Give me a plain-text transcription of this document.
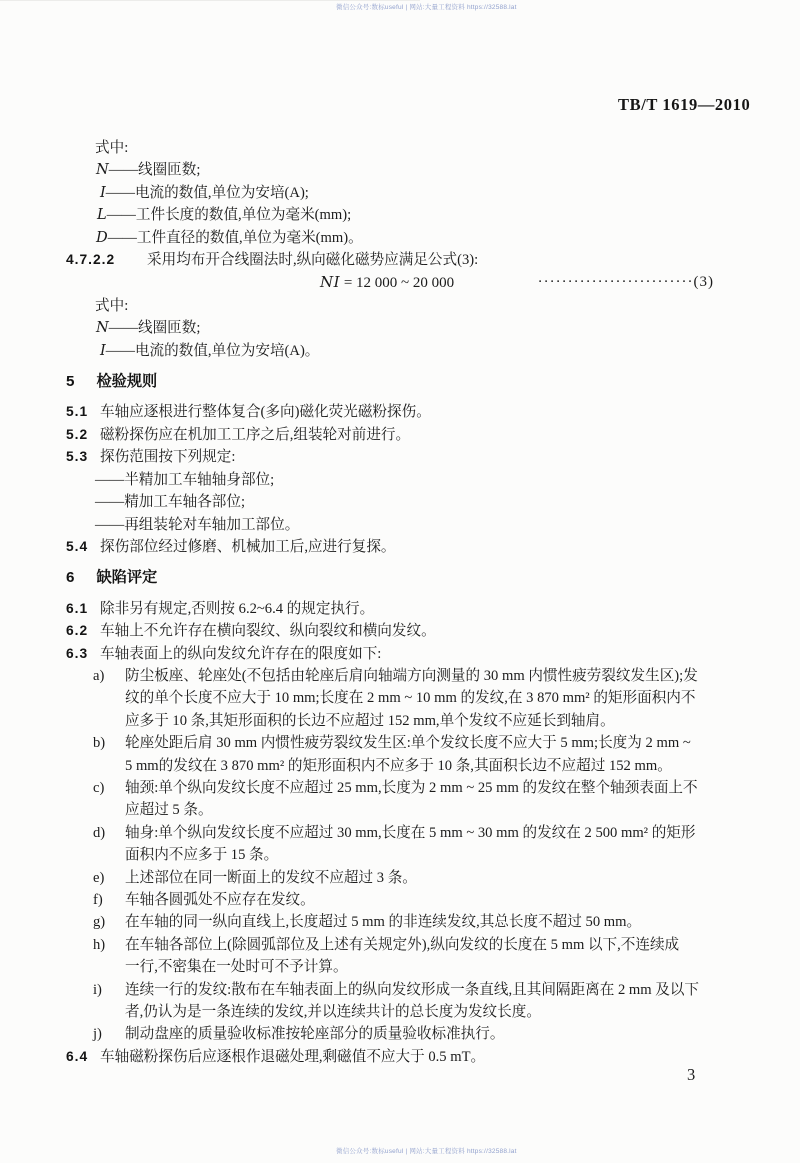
微信公众号:数标useful | 网站:大量工程资料 https://32588.lat
TB/T 1619—2010
式中:
N——线圈匝数;
I——电流的数值,单位为安培(A);
L——工件长度的数值,单位为毫米(mm);
D——工件直径的数值,单位为毫米(mm)。
4.7.2.2 采用均布开合线圈法时,纵向磁化磁势应满足公式(3):
NI = 12 000 ~ 20 000	··························(3)
式中:
N——线圈匝数;
I——电流的数值,单位为安培(A)。
5 检验规则
5.1 车轴应逐根进行整体复合(多向)磁化荧光磁粉探伤。
5.2 磁粉探伤应在机加工工序之后,组装轮对前进行。
5.3 探伤范围按下列规定:
——半精加工车轴轴身部位;
——精加工车轴各部位;
——再组装轮对车轴加工部位。
5.4 探伤部位经过修磨、机械加工后,应进行复探。
6 缺陷评定
6.1 除非另有规定,否则按 6.2~6.4 的规定执行。
6.2 车轴上不允许存在横向裂纹、纵向裂纹和横向发纹。
6.3 车轴表面上的纵向发纹允许存在的限度如下:
a) 防尘板座、轮座处(不包括由轮座后肩向轴端方向测量的 30 mm 内惯性疲劳裂纹发生区);发
纹的单个长度不应大于 10 mm;长度在 2 mm ~ 10 mm 的发纹,在 3 870 mm² 的矩形面积内不
应多于 10 条,其矩形面积的长边不应超过 152 mm,单个发纹不应延长到轴肩。
b) 轮座处距后肩 30 mm 内惯性疲劳裂纹发生区:单个发纹长度不应大于 5 mm;长度为 2 mm ~
5 mm的发纹在 3 870 mm² 的矩形面积内不应多于 10 条,其面积长边不应超过 152 mm。
c) 轴颈:单个纵向发纹长度不应超过 25 mm,长度为 2 mm ~ 25 mm 的发纹在整个轴颈表面上不
应超过 5 条。
d) 轴身:单个纵向发纹长度不应超过 30 mm,长度在 5 mm ~ 30 mm 的发纹在 2 500 mm² 的矩形
面积内不应多于 15 条。
e) 上述部位在同一断面上的发纹不应超过 3 条。
f) 车轴各圆弧处不应存在发纹。
g) 在车轴的同一纵向直线上,长度超过 5 mm 的非连续发纹,其总长度不超过 50 mm。
h) 在车轴各部位上(除圆弧部位及上述有关规定外),纵向发纹的长度在 5 mm 以下,不连续成
一行,不密集在一处时可不予计算。
i) 连续一行的发纹:散布在车轴表面上的纵向发纹形成一条直线,且其间隔距离在 2 mm 及以下
者,仍认为是一条连续的发纹,并以连续共计的总长度为发纹长度。
j) 制动盘座的质量验收标准按轮座部分的质量验收标准执行。
6.4 车轴磁粉探伤后应逐根作退磁处理,剩磁值不应大于 0.5 mT。
3
微信公众号:数标useful | 网站:大量工程资料 https://32588.lat
